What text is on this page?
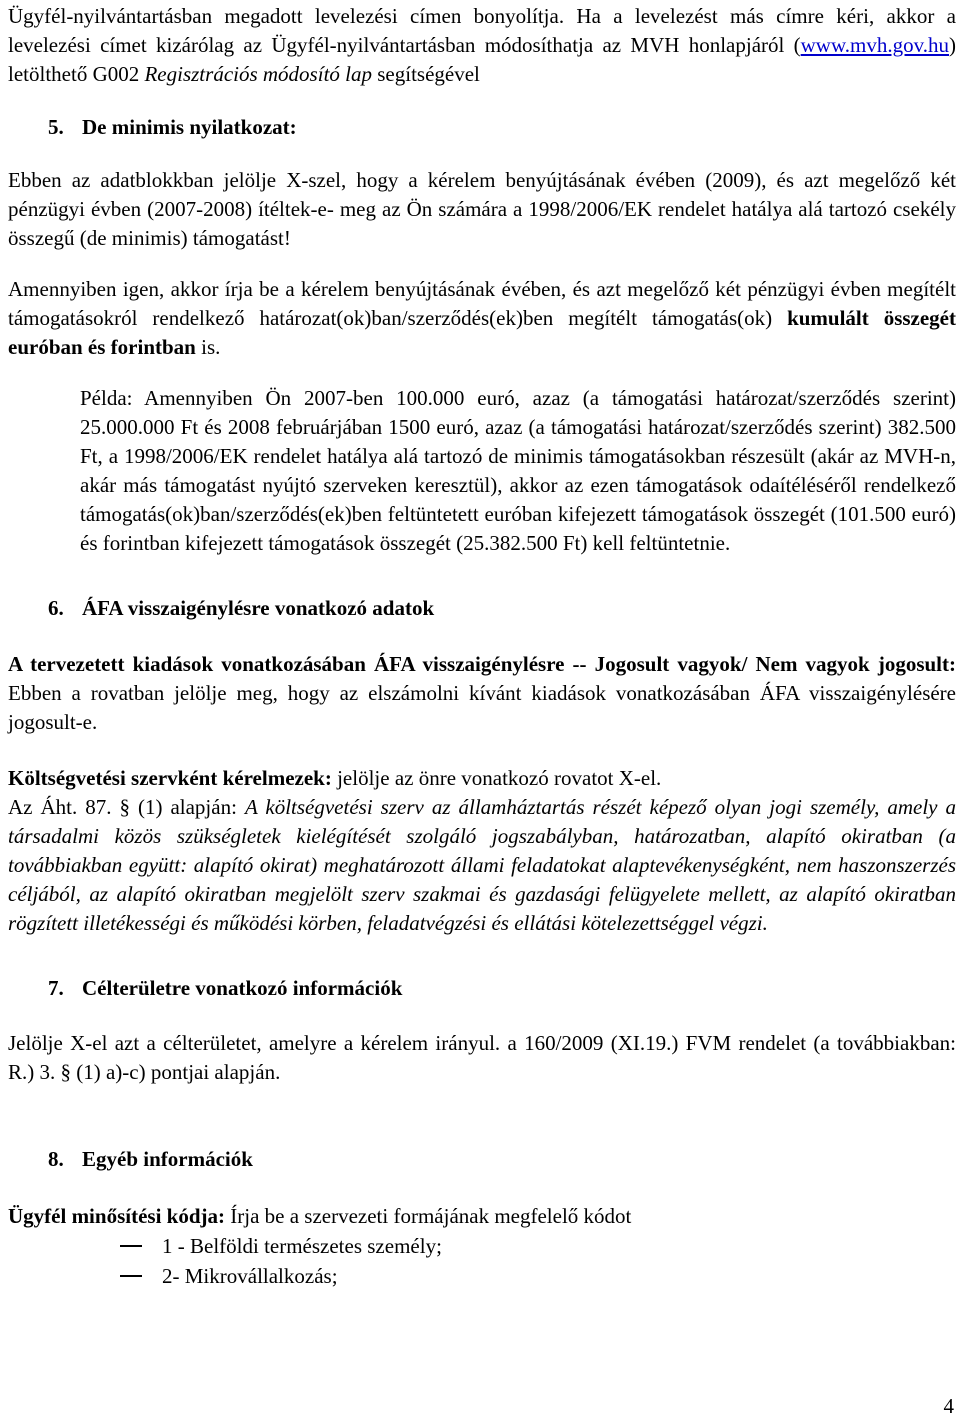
Ügyfél-nyilvántartásban megadott levelezési címen bonyolítja. Ha a levelezést más címre kéri, akkor a levelezési címet kizárólag az Ügyfél-nyilvántartásban módosíthatja az MVH honlapjáról (www.mvh.gov.hu) letölthető G002 Regisztrációs módosító lap segítségével

5. De minimis nyilatkozat:

Ebben az adatblokkban jelölje X-szel, hogy a kérelem benyújtásának évében (2009), és azt megelőző két pénzügyi évben (2007-2008) ítéltek-e- meg az Ön számára a 1998/2006/EK rendelet hatálya alá tartozó csekély összegű (de minimis) támogatást!

Amennyiben igen, akkor írja be a kérelem benyújtásának évében, és azt megelőző két pénzügyi évben megítélt támogatásokról rendelkező határozat(ok)ban/szerződés(ek)ben megítélt támogatás(ok) kumulált összegét euróban és forintban is.

Példa: Amennyiben Ön 2007-ben 100.000 euró, azaz (a támogatási határozat/szerződés szerint) 25.000.000 Ft és 2008 februárjában 1500 euró, azaz (a támogatási határozat/szerződés szerint) 382.500 Ft, a 1998/2006/EK rendelet hatálya alá tartozó de minimis támogatásokban részesült (akár az MVH-n, akár más támogatást nyújtó szerveken keresztül), akkor az ezen támogatások odaítéléséről rendelkező támogatás(ok)ban/szerződés(ek)ben feltüntetett euróban kifejezett támogatások összegét (101.500 euró) és forintban kifejezett támogatások összegét (25.382.500 Ft) kell feltüntetnie.

6. ÁFA visszaigénylésre vonatkozó adatok

A tervezetett kiadások vonatkozásában ÁFA visszaigénylésre -- Jogosult vagyok/ Nem vagyok jogosult: Ebben a rovatban jelölje meg, hogy az elszámolni kívánt kiadások vonatkozásában ÁFA visszaigénylésére jogosult-e.

Költségvetési szervként kérelmezek: jelölje az önre vonatkozó rovatot X-el.

Az Áht. 87. § (1) alapján: A költségvetési szerv az államháztartás részét képező olyan jogi személy, amely a társadalmi közös szükségletek kielégítését szolgáló jogszabályban, határozatban, alapító okiratban (a továbbiakban együtt: alapító okirat) meghatározott állami feladatokat alaptevékenységként, nem haszonszerzés céljából, az alapító okiratban megjelölt szerv szakmai és gazdasági felügyelete mellett, az alapító okiratban rögzített illetékességi és működési körben, feladatvégzési és ellátási kötelezettséggel végzi.

7. Célterületre vonatkozó információk

Jelölje X-el azt a célterületet, amelyre a kérelem irányul. a 160/2009 (XI.19.) FVM rendelet (a továbbiakban: R.) 3. § (1) a)-c) pontjai alapján.

8. Egyéb információk

Ügyfél minősítési kódja: Írja be a szervezeti formájának megfelelő kódot

1 - Belföldi természetes személy;
2- Mikrovállalkozás;
4
